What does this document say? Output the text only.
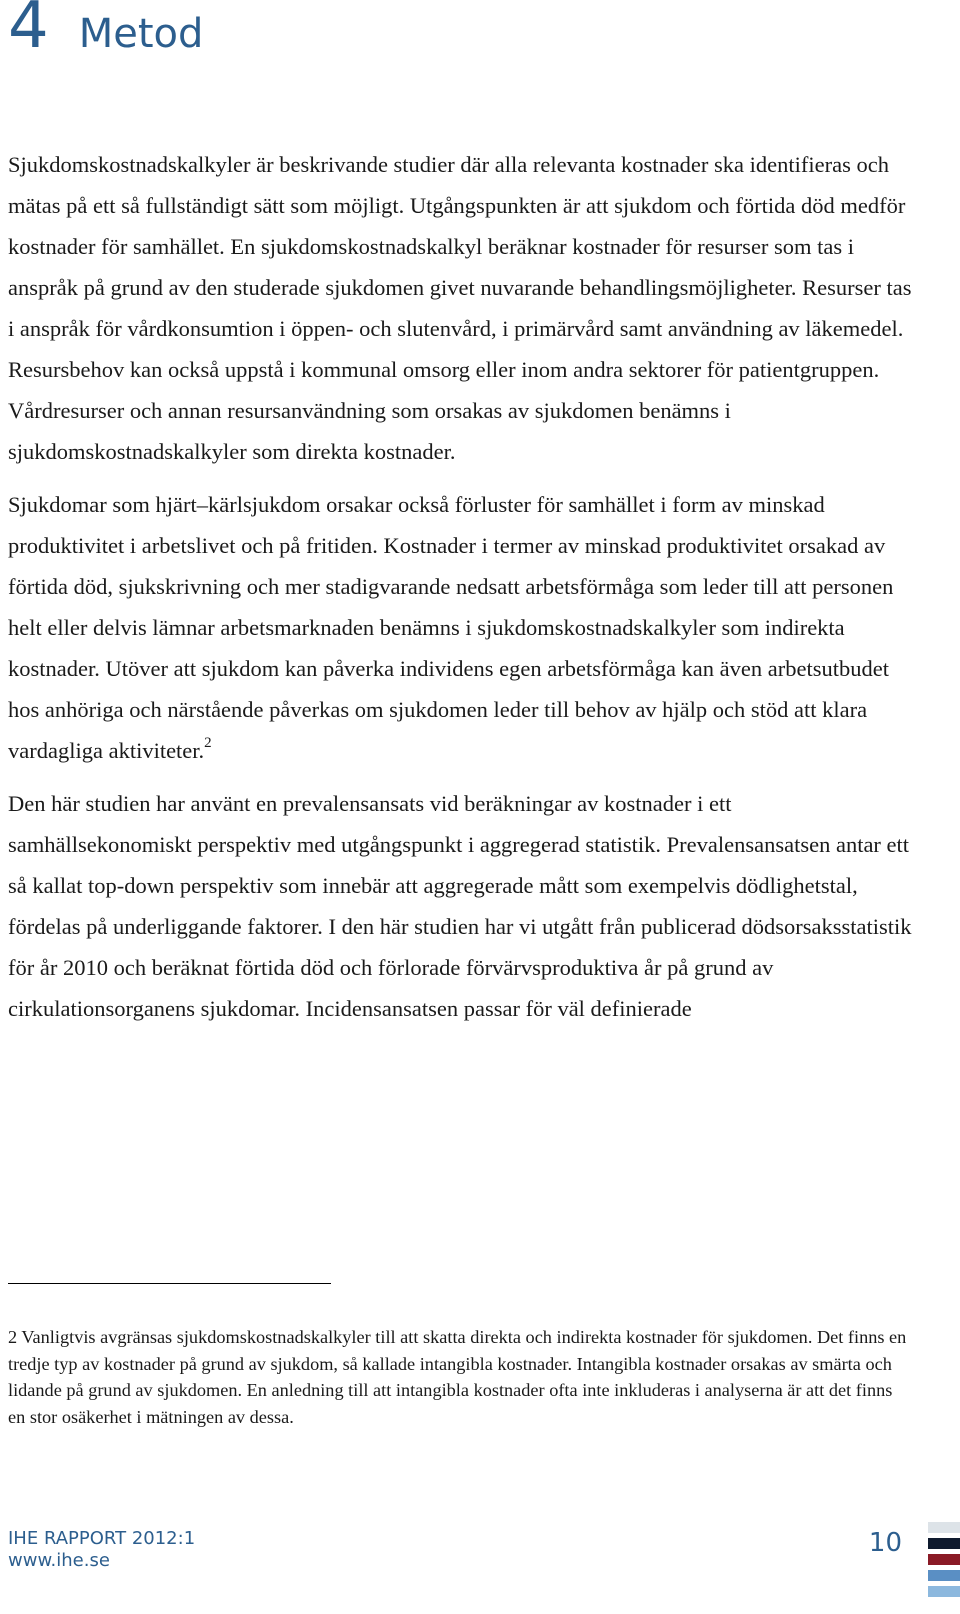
4 Metod

Sjukdomskostnadskalkyler är beskrivande studier där alla relevanta kostnader ska identifieras och mätas på ett så fullständigt sätt som möjligt. Utgångspunkten är att sjukdom och förtida död medför kostnader för samhället. En sjukdomskostnadskalkyl beräknar kostnader för resurser som tas i anspråk på grund av den studerade sjukdomen givet nuvarande behandlingsmöjligheter. Resurser tas i anspråk för vårdkonsumtion i öppen- och slutenvård, i primärvård samt användning av läkemedel. Resursbehov kan också uppstå i kommunal omsorg eller inom andra sektorer för patientgruppen. Vårdresurser och annan resursanvändning som orsakas av sjukdomen benämns i sjukdomskostnadskalkyler som direkta kostnader.

Sjukdomar som hjärt–kärlsjukdom orsakar också förluster för samhället i form av minskad produktivitet i arbetslivet och på fritiden. Kostnader i termer av minskad produktivitet orsakad av förtida död, sjukskrivning och mer stadigvarande nedsatt arbetsförmåga som leder till att personen helt eller delvis lämnar arbetsmarknaden benämns i sjukdomskostnadskalkyler som indirekta kostnader. Utöver att sjukdom kan påverka individens egen arbetsförmåga kan även arbetsutbudet hos anhöriga och närstående påverkas om sjukdomen leder till behov av hjälp och stöd att klara vardagliga aktiviteter.$^2$

Den här studien har använt en prevalensansats vid beräkningar av kostnader i ett samhällsekonomiskt perspektiv med utgångspunkt i aggregerad statistik. Prevalensansatsen antar ett så kallat top-down perspektiv som innebär att aggregerade mått som exempelvis dödlighetstal, fördelas på underliggande faktorer. I den här studien har vi utgått från publicerad dödsorsaksstatistik för år 2010 och beräknat förtida död och förlorade förvärvsproduktiva år på grund av cirkulationsorganens sjukdomar. Incidensansatsen passar för väl definierade

2 Vanligtvis avgränsas sjukdomskostnadskalkyler till att skatta direkta och indirekta kostnader för sjukdomen. Det finns en tredje typ av kostnader på grund av sjukdom, så kallade intangibla kostnader. Intangibla kostnader orsakas av smärta och lidande på grund av sjukdomen. En anledning till att intangibla kostnader ofta inte inkluderas i analyserna är att det finns en stor osäkerhet i mätningen av dessa.

IHE RAPPORT 2012:1
www.ihe.se
10
